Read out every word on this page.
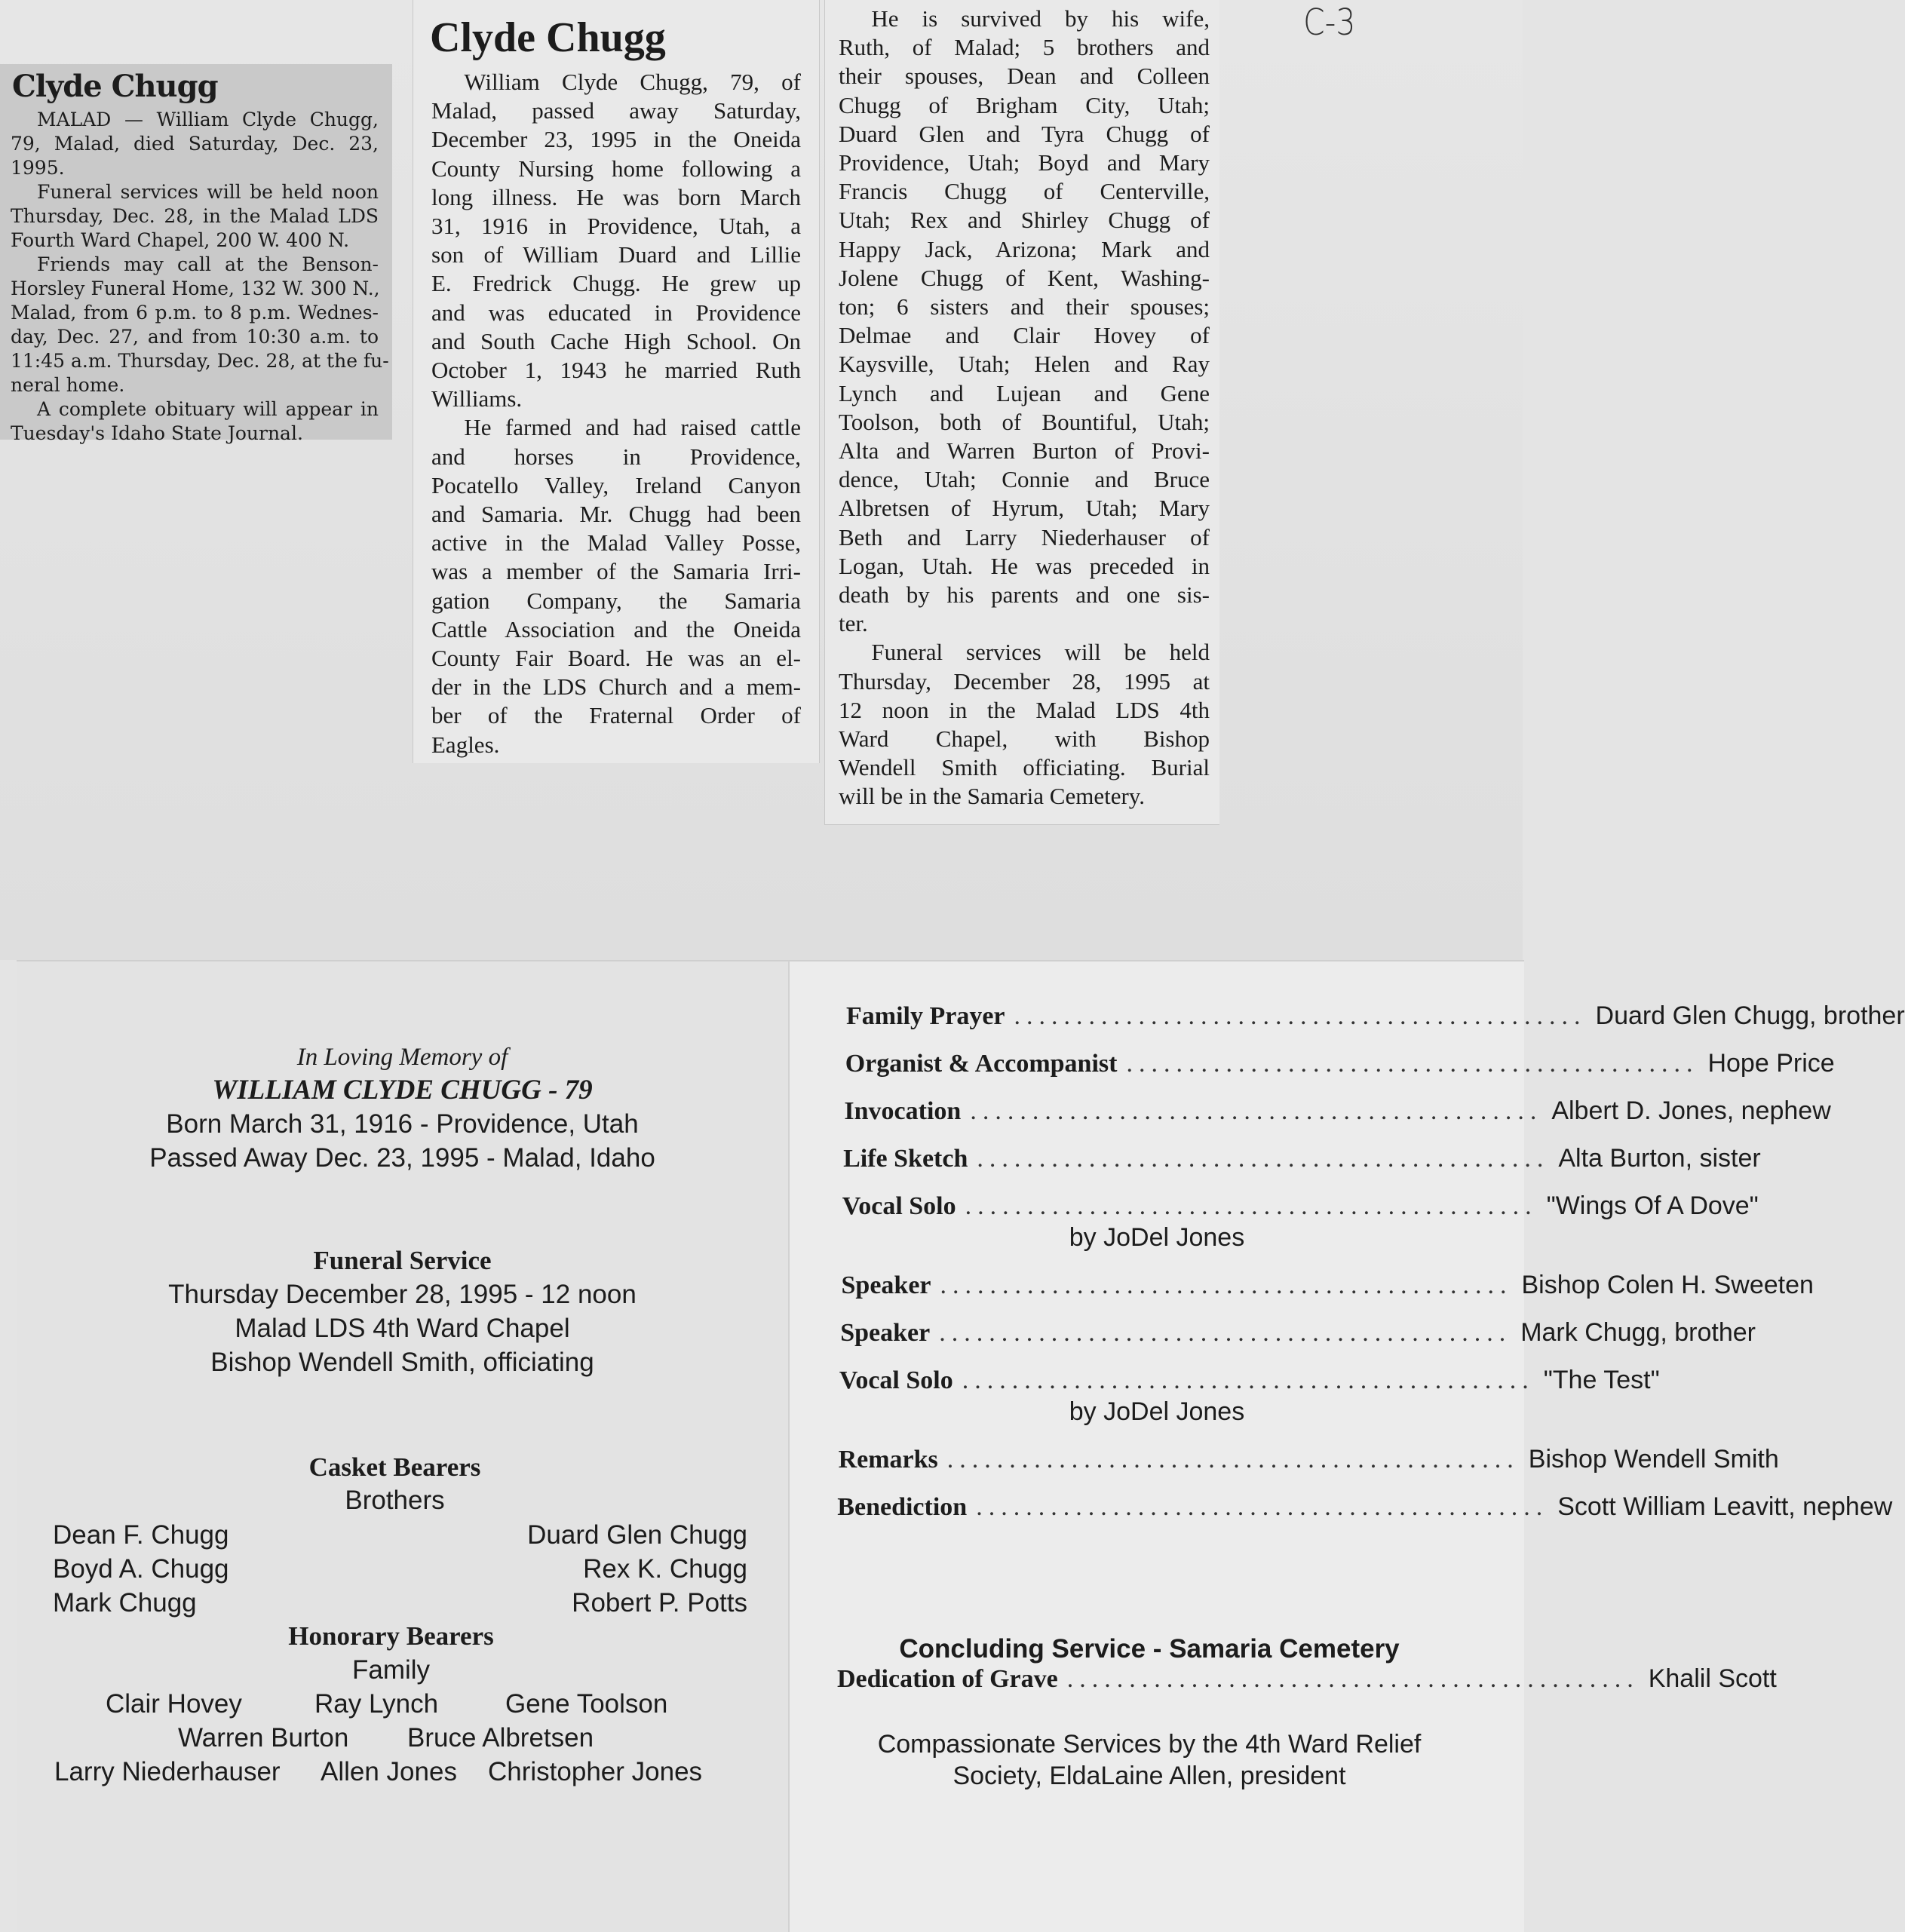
Clyde Chugg
MALAD — William Clyde Chugg,
79, Malad, died Saturday, Dec. 23,
1995.
Funeral services will be held noon
Thursday, Dec. 28, in the Malad LDS
Fourth Ward Chapel, 200 W. 400 N.
Friends may call at the Benson-
Horsley Funeral Home, 132 W. 300 N.,
Malad, from 6 p.m. to 8 p.m. Wednes-
day, Dec. 27, and from 10:30 a.m. to
11:45 a.m. Thursday, Dec. 28, at the fu-
neral home.
A complete obituary will appear in
Tuesday's Idaho State Journal.
Clyde Chugg
William Clyde Chugg, 79, of
Malad, passed away Saturday,
December 23, 1995 in the Oneida
County Nursing home following a
long illness. He was born March
31, 1916 in Providence, Utah, a
son of William Duard and Lillie
E. Fredrick Chugg. He grew up
and was educated in Providence
and South Cache High School. On
October 1, 1943 he married Ruth
Williams.
He farmed and had raised cattle
and horses in Providence,
Pocatello Valley, Ireland Canyon
and Samaria. Mr. Chugg had been
active in the Malad Valley Posse,
was a member of the Samaria Irri-
gation Company, the Samaria
Cattle Association and the Oneida
County Fair Board. He was an el-
der in the LDS Church and a mem-
ber of the Fraternal Order of
Eagles.
He is survived by his wife,
Ruth, of Malad; 5 brothers and
their spouses, Dean and Colleen
Chugg of Brigham City, Utah;
Duard Glen and Tyra Chugg of
Providence, Utah; Boyd and Mary
Francis Chugg of Centerville,
Utah; Rex and Shirley Chugg of
Happy Jack, Arizona; Mark and
Jolene Chugg of Kent, Washing-
ton; 6 sisters and their spouses;
Delmae and Clair Hovey of
Kaysville, Utah; Helen and Ray
Lynch and Lujean and Gene
Toolson, both of Bountiful, Utah;
Alta and Warren Burton of Provi-
dence, Utah; Connie and Bruce
Albretsen of Hyrum, Utah; Mary
Beth and Larry Niederhauser of
Logan, Utah. He was preceded in
death by his parents and one sis-
ter.
Funeral services will be held
Thursday, December 28, 1995 at
12 noon in the Malad LDS 4th
Ward Chapel, with Bishop
Wendell Smith officiating. Burial
will be in the Samaria Cemetery.
C-3
In Loving Memory of
WILLIAM CLYDE CHUGG - 79
Born March 31, 1916 - Providence, Utah
Passed Away Dec. 23, 1995 - Malad, Idaho
Funeral Service
Thursday December 28, 1995 - 12 noon
Malad LDS 4th Ward Chapel
Bishop Wendell Smith, officiating
Casket Bearers
Brothers
Dean F. Chugg
Boyd A. Chugg
Mark Chugg
Duard Glen Chugg
Rex K. Chugg
Robert P. Potts
Honorary Bearers
Family
Clair Hovey	Ray Lynch	Gene Toolson
Warren Burton Bruce Albretsen
Larry Niederhauser Allen Jones Christopher Jones
Family Prayer .............................................. Duard Glen Chugg, brother
Organist & Accompanist .............................................. Hope Price
Invocation .............................................. Albert D. Jones, nephew
Life Sketch .............................................. Alta Burton, sister
Vocal Solo .............................................. "Wings Of A Dove"
by JoDel Jones
Speaker .............................................. Bishop Colen H. Sweeten
Speaker .............................................. Mark Chugg, brother
Vocal Solo .............................................. "The Test"
by JoDel Jones
Remarks .............................................. Bishop Wendell Smith
Benediction .............................................. Scott William Leavitt, nephew
Concluding Service - Samaria Cemetery
Dedication of Grave .............................................. Khalil Scott
Compassionate Services by the 4th Ward Relief
Society, EldaLaine Allen, president
